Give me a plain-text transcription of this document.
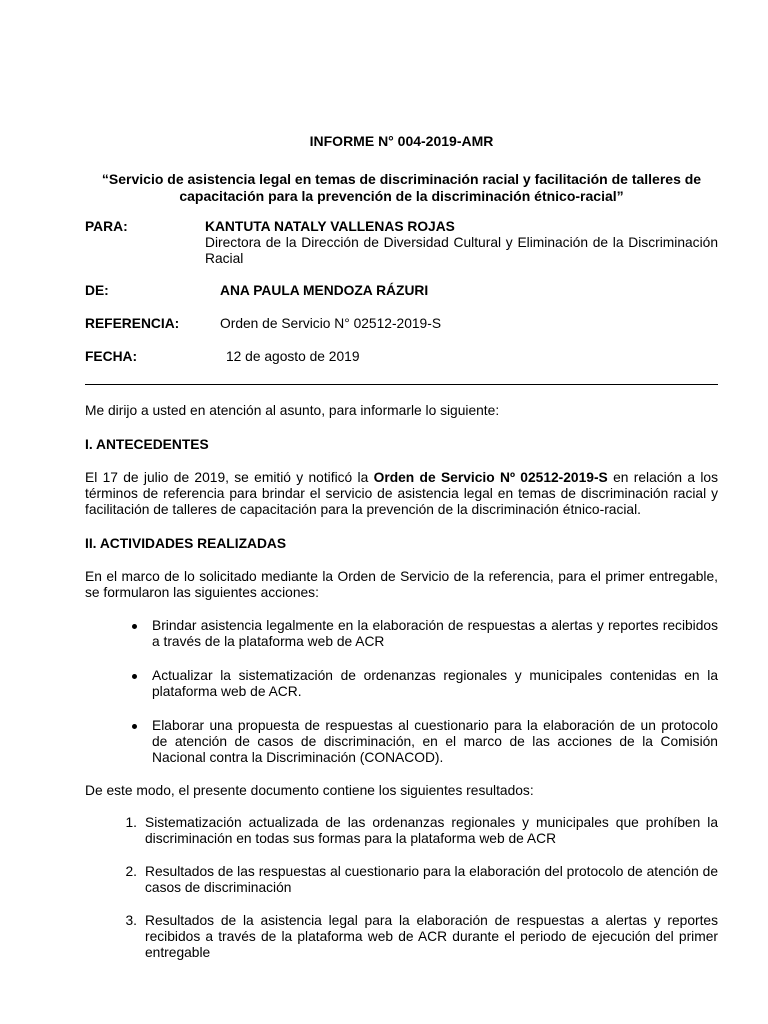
INFORME N° 004-2019-AMR
“Servicio de asistencia legal en temas de discriminación racial y facilitación de talleres de capacitación para la prevención de la discriminación étnico-racial”
PARA:	KANTUTA NATALY VALLENAS ROJAS
Directora de la Dirección de Diversidad Cultural y Eliminación de la Discriminación Racial
DE:	ANA PAULA MENDOZA RÁZURI
REFERENCIA:	Orden de Servicio N° 02512-2019-S
FECHA:	12 de agosto de 2019

Me dirijo a usted en atención al asunto, para informarle lo siguiente:

I. ANTECEDENTES

El 17 de julio de 2019, se emitió y notificó la Orden de Servicio Nº 02512-2019-S en relación a los términos de referencia para brindar el servicio de asistencia legal en temas de discriminación racial y facilitación de talleres de capacitación para la prevención de la discriminación étnico-racial.

II. ACTIVIDADES REALIZADAS

En el marco de lo solicitado mediante la Orden de Servicio de la referencia, para el primer entregable, se formularon las siguientes acciones:

Brindar asistencia legalmente en la elaboración de respuestas a alertas y reportes recibidos a través de la plataforma web de ACR
Actualizar la sistematización de ordenanzas regionales y municipales contenidas en la plataforma web de ACR.
Elaborar una propuesta de respuestas al cuestionario para la elaboración de un protocolo de atención de casos de discriminación, en el marco de las acciones de la Comisión Nacional contra la Discriminación (CONACOD).

De este modo, el presente documento contiene los siguientes resultados:

1. Sistematización actualizada de las ordenanzas regionales y municipales que prohíben la discriminación en todas sus formas para la plataforma web de ACR
2. Resultados de las respuestas al cuestionario para la elaboración del protocolo de atención de casos de discriminación
3. Resultados de la asistencia legal para la elaboración de respuestas a alertas y reportes recibidos a través de la plataforma web de ACR durante el periodo de ejecución del primer entregable
